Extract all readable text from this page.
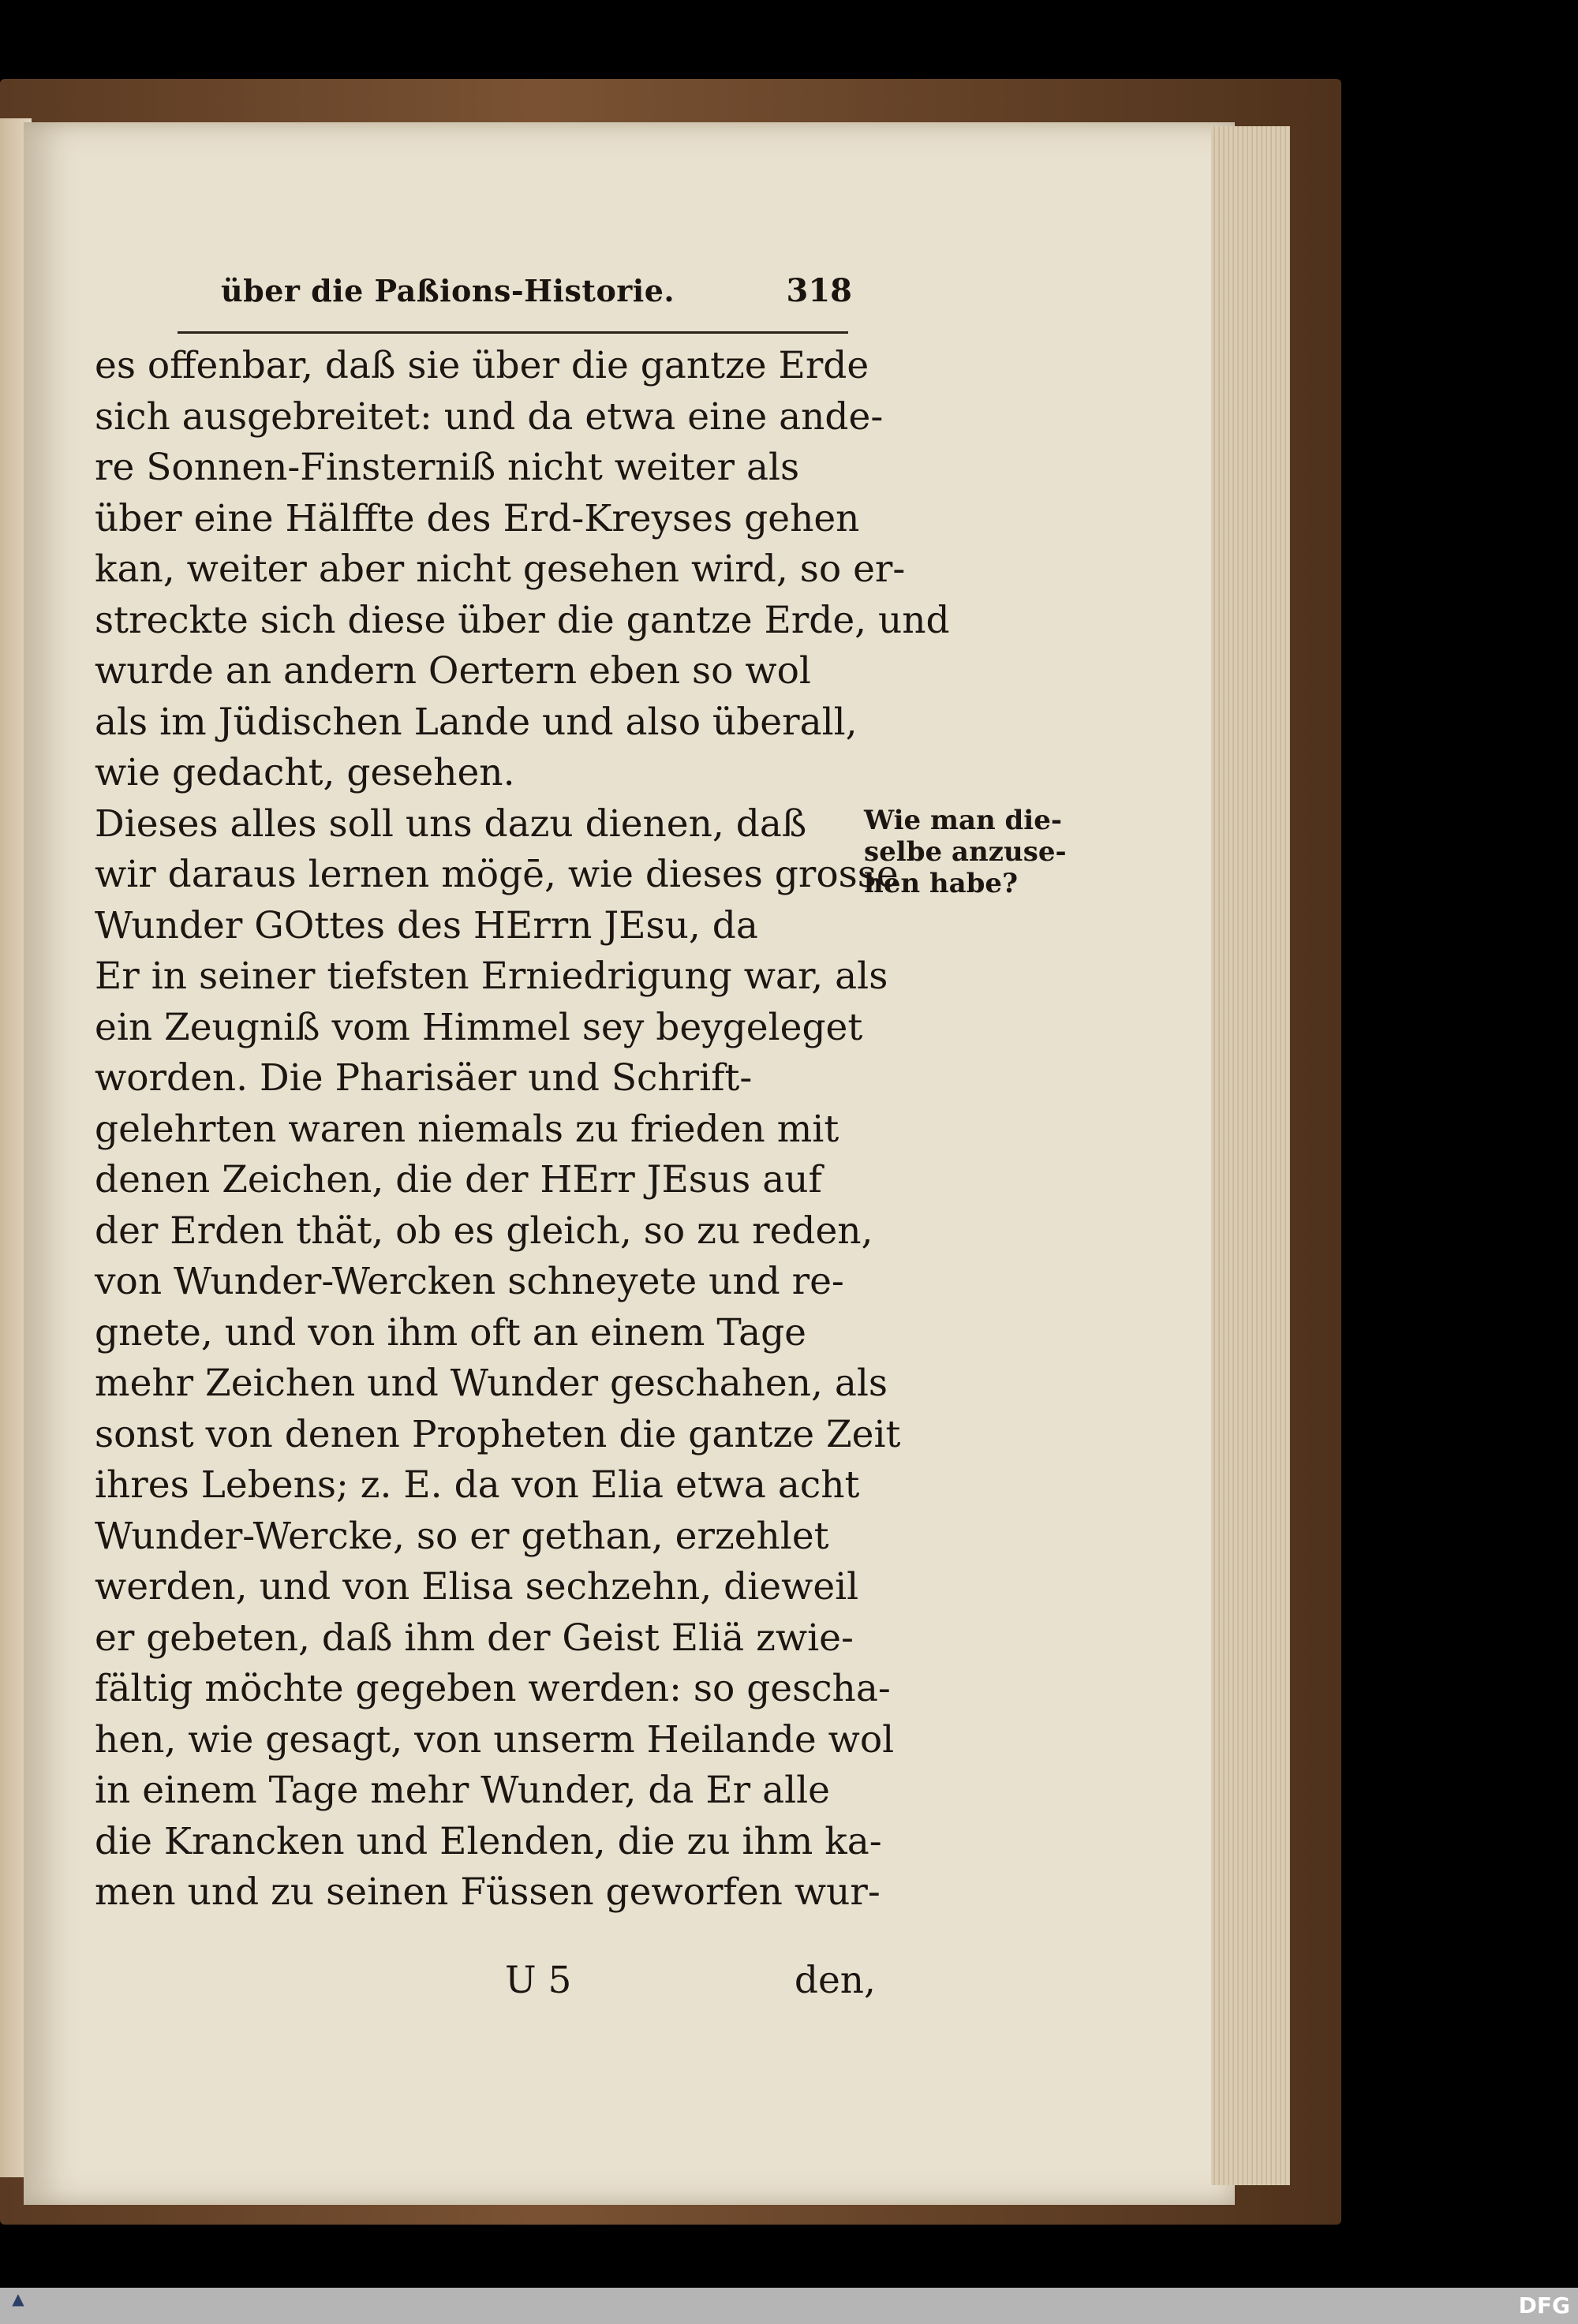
über die Paßions-Historie.	318
es offenbar, daß sie über die gantze Erde
sich ausgebreitet: und da etwa eine ande-
re Sonnen-Finsterniß nicht weiter als
über eine Hälffte des Erd-Kreyses gehen
kan, weiter aber nicht gesehen wird, so er-
streckte sich diese über die gantze Erde, und
wurde an andern Oertern eben so wol
als im Jüdischen Lande und also überall,
wie gedacht, gesehen.
Dieses alles soll uns dazu dienen, daß
wir daraus lernen mögē, wie dieses grosse
Wunder GOttes des HErrn JEsu, da
Er in seiner tiefsten Erniedrigung war, als
ein Zeugniß vom Himmel sey beygeleget
worden. Die Pharisäer und Schrift-
gelehrten waren niemals zu frieden mit
denen Zeichen, die der HErr JEsus auf
der Erden thät, ob es gleich, so zu reden,
von Wunder-Wercken schneyete und re-
gnete, und von ihm oft an einem Tage
mehr Zeichen und Wunder geschahen, als
sonst von denen Propheten die gantze Zeit
ihres Lebens; z. E. da von Elia etwa acht
Wunder-Wercke, so er gethan, erzehlet
werden, und von Elisa sechzehn, dieweil
er gebeten, daß ihm der Geist Eliä zwie-
fältig möchte gegeben werden: so gescha-
hen, wie gesagt, von unserm Heilande wol
in einem Tage mehr Wunder, da Er alle
die Krancken und Elenden, die zu ihm ka-
men und zu seinen Füssen geworfen wur-
Wie man die-
selbe anzuse-
hen habe?
U 5	den,
▲	DFG
